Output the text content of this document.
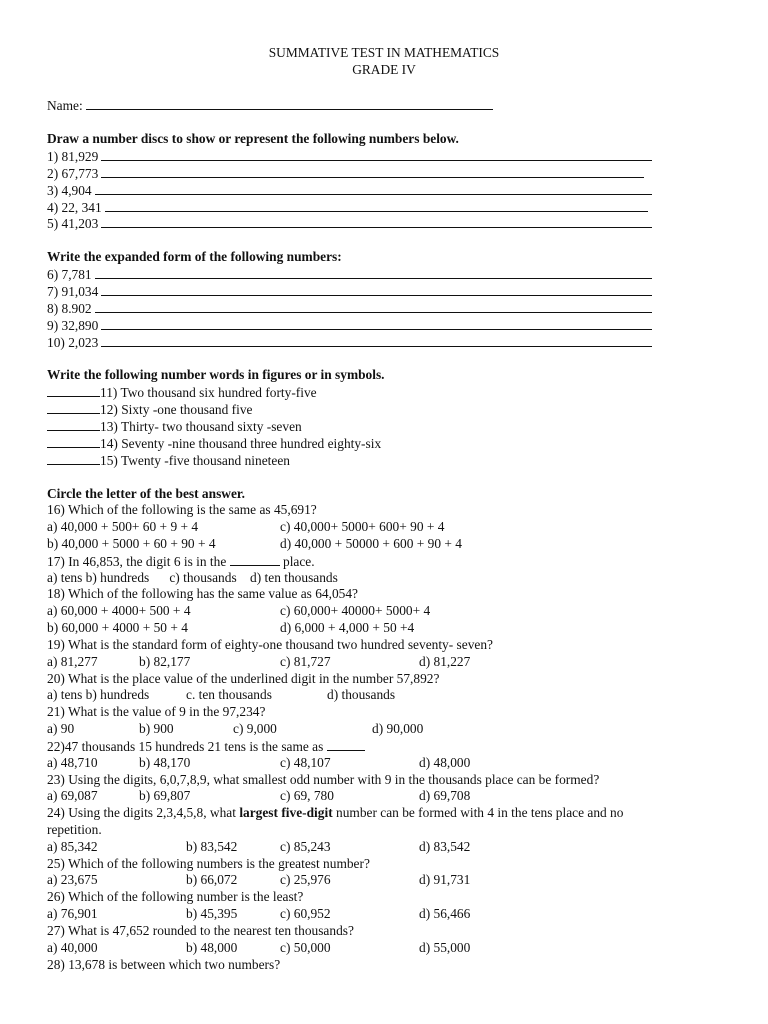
SUMMATIVE TEST IN MATHEMATICS
GRADE IV
Name:
Draw a number discs to show or represent the following numbers below.
1) 81,929
2) 67,773
3) 4,904
4) 22, 341
5) 41,203
Write the expanded form of the following numbers:
6) 7,781
7) 91,034
8) 8.902
9) 32,890
10) 2,023
Write the following number words in figures or in symbols.
11) Two thousand six hundred forty-five
12) Sixty -one thousand five
13) Thirty- two thousand sixty -seven
14) Seventy -nine thousand three hundred eighty-six
15) Twenty -five thousand nineteen
Circle the letter of the best answer.
16) Which of the following is the same as 45,691?
a) 40,000 + 500+ 60 + 9 + 4	c) 40,000+ 5000+ 600+ 90 + 4
b) 40,000 + 5000 + 60 + 90 + 4	d) 40,000 + 50000 + 600 + 90 + 4
17) In 46,853, the digit 6 is in the	place.
a) tens b) hundreds      c) thousands    d) ten thousands
18) Which of the following has the same value as 64,054?
a) 60,000 + 4000+ 500 + 4	c) 60,000+ 40000+ 5000+ 4
b) 60,000 + 4000 + 50 + 4	d) 6,000 + 4,000 + 50 +4
19) What is the standard form of eighty-one thousand two hundred seventy- seven?
a) 81,277	b) 82,177	c) 81,727	d) 81,227
20) What is the place value of the underlined digit in the number 57,892?
a) tens b) hundreds	c. ten thousands	d) thousands
21) What is the value of 9 in the 97,234?
a) 90	b) 900	c) 9,000	d) 90,000
22)47 thousands 15 hundreds 21 tens is the same as
a) 48,710	b) 48,170	c) 48,107	d) 48,000
23) Using the digits, 6,0,7,8,9, what smallest odd number with 9 in the thousands place can be formed?
a) 69,087	b) 69,807	c) 69, 780	d) 69,708
24) Using the digits 2,3,4,5,8, what largest five-digit number can be formed with 4 in the tens place and no
repetition.
a) 85,342	b) 83,542	c) 85,243	d) 83,542
25) Which of the following numbers is the greatest number?
a) 23,675	b) 66,072	c) 25,976	d) 91,731
26) Which of the following number is the least?
a) 76,901	b) 45,395	c) 60,952	d) 56,466
27) What is 47,652 rounded to the nearest ten thousands?
a) 40,000	b) 48,000	c) 50,000	d) 55,000
28) 13,678 is between which two numbers?
